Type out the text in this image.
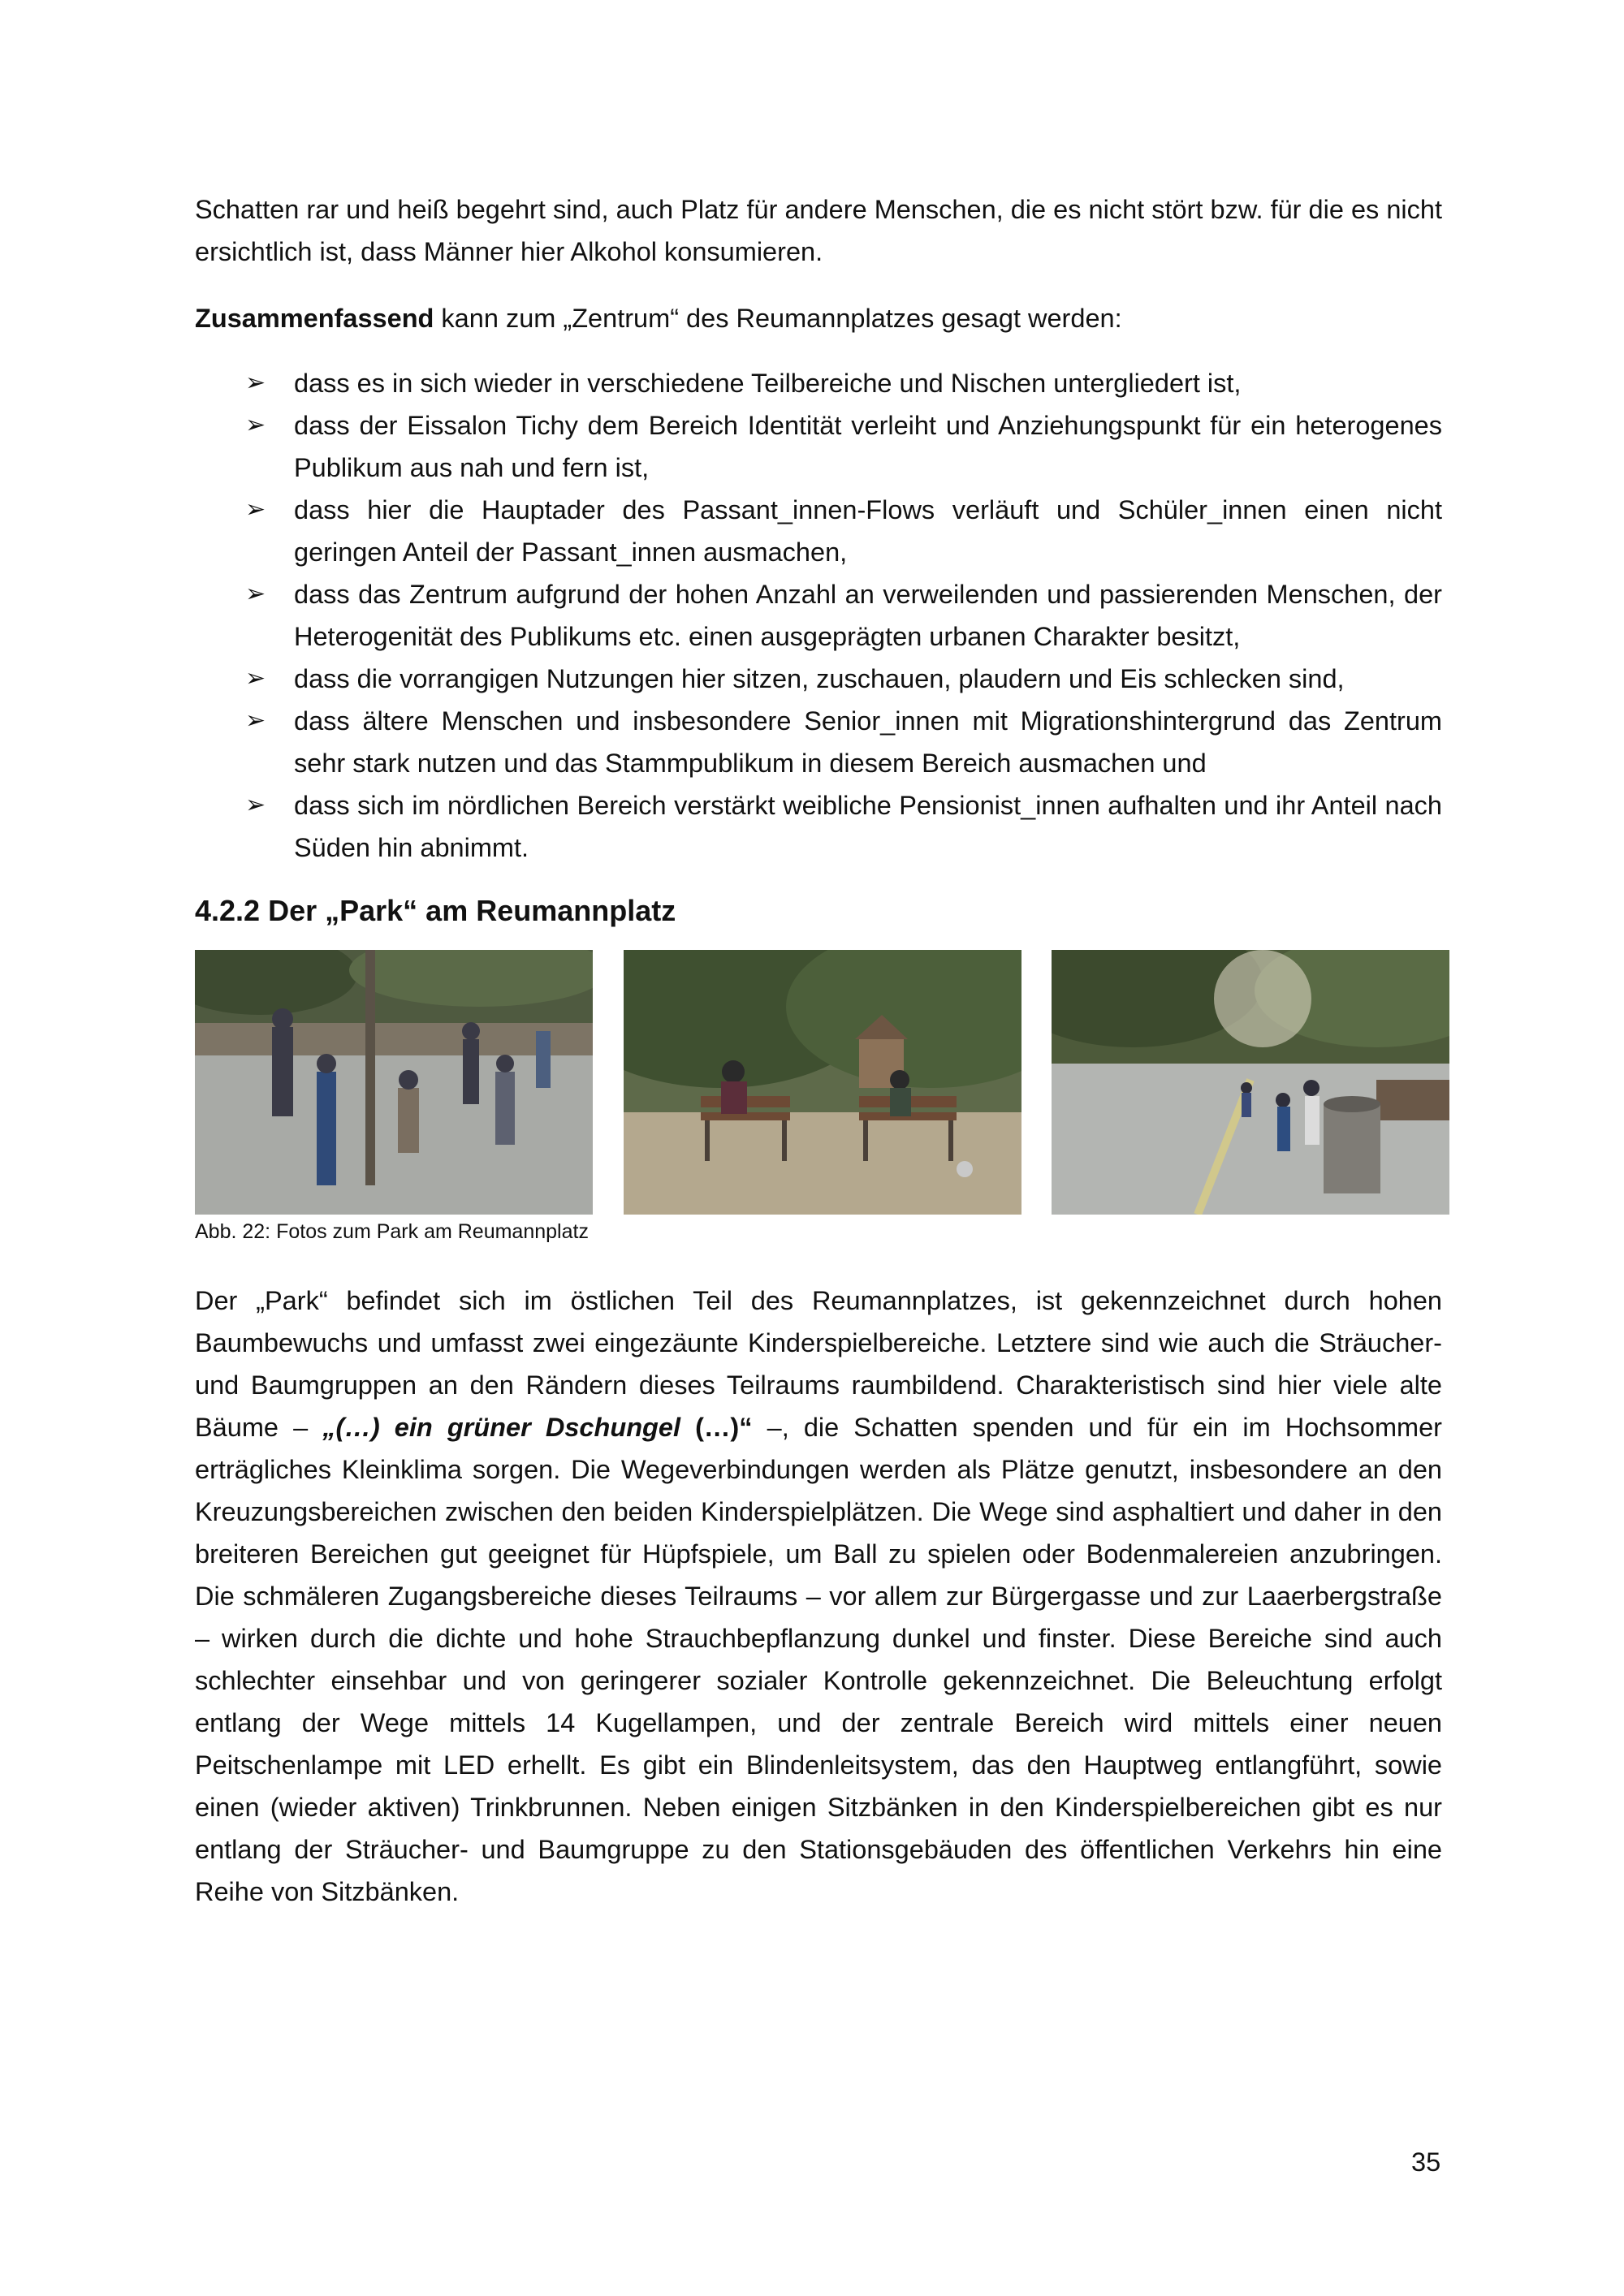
Schatten rar und heiß begehrt sind, auch Platz für andere Menschen, die es nicht stört bzw. für die es nicht ersichtlich ist, dass Männer hier Alkohol konsumieren.

Zusammenfassend kann zum „Zentrum“ des Reumannplatzes gesagt werden:

➢ dass es in sich wieder in verschiedene Teilbereiche und Nischen untergliedert ist,
➢ dass der Eissalon Tichy dem Bereich Identität verleiht und Anziehungspunkt für ein heterogenes Publikum aus nah und fern ist,
➢ dass hier die Hauptader des Passant_innen-Flows verläuft und Schüler_innen einen nicht geringen Anteil der Passant_innen ausmachen,
➢ dass das Zentrum aufgrund der hohen Anzahl an verweilenden und passierenden Menschen, der Heterogenität des Publikums etc. einen ausgeprägten urbanen Charakter besitzt,
➢ dass die vorrangigen Nutzungen hier sitzen, zuschauen, plaudern und Eis schlecken sind,
➢ dass ältere Menschen und insbesondere Senior_innen mit Migrationshintergrund das Zentrum sehr stark nutzen und das Stammpublikum in diesem Bereich ausmachen und
➢ dass sich im nördlichen Bereich verstärkt weibliche Pensionist_innen aufhalten und ihr Anteil nach Süden hin abnimmt.
4.2.2 Der „Park“ am Reumannplatz

Abb. 22: Fotos zum Park am Reumannplatz

Der „Park“ befindet sich im östlichen Teil des Reumannplatzes, ist gekennzeichnet durch hohen Baumbewuchs und umfasst zwei eingezäunte Kinderspielbereiche. Letztere sind wie auch die Sträucher- und Baumgruppen an den Rändern dieses Teilraums raumbildend. Charakteristisch sind hier viele alte Bäume – „(…) ein grüner Dschungel (…)“ –, die Schatten spenden und für ein im Hochsommer erträgliches Kleinklima sorgen. Die Wegeverbindungen werden als Plätze genutzt, insbesondere an den Kreuzungsbereichen zwischen den beiden Kinderspielplätzen. Die Wege sind asphaltiert und daher in den breiteren Bereichen gut geeignet für Hüpfspiele, um Ball zu spielen oder Bodenmalereien anzubringen. Die schmäleren Zugangsbereiche dieses Teilraums – vor allem zur Bürgergasse und zur Laaerbergstraße – wirken durch die dichte und hohe Strauchbepflanzung dunkel und finster. Diese Bereiche sind auch schlechter einsehbar und von geringerer sozialer Kontrolle gekennzeichnet. Die Beleuchtung erfolgt entlang der Wege mittels 14 Kugellampen, und der zentrale Bereich wird mittels einer neuen Peitschenlampe mit LED erhellt. Es gibt ein Blindenleitsystem, das den Hauptweg entlangführt, sowie einen (wieder aktiven) Trinkbrunnen. Neben einigen Sitzbänken in den Kinderspielbereichen gibt es nur entlang der Sträucher- und Baumgruppe zu den Stationsgebäuden des öffentlichen Verkehrs hin eine Reihe von Sitzbänken.

35
